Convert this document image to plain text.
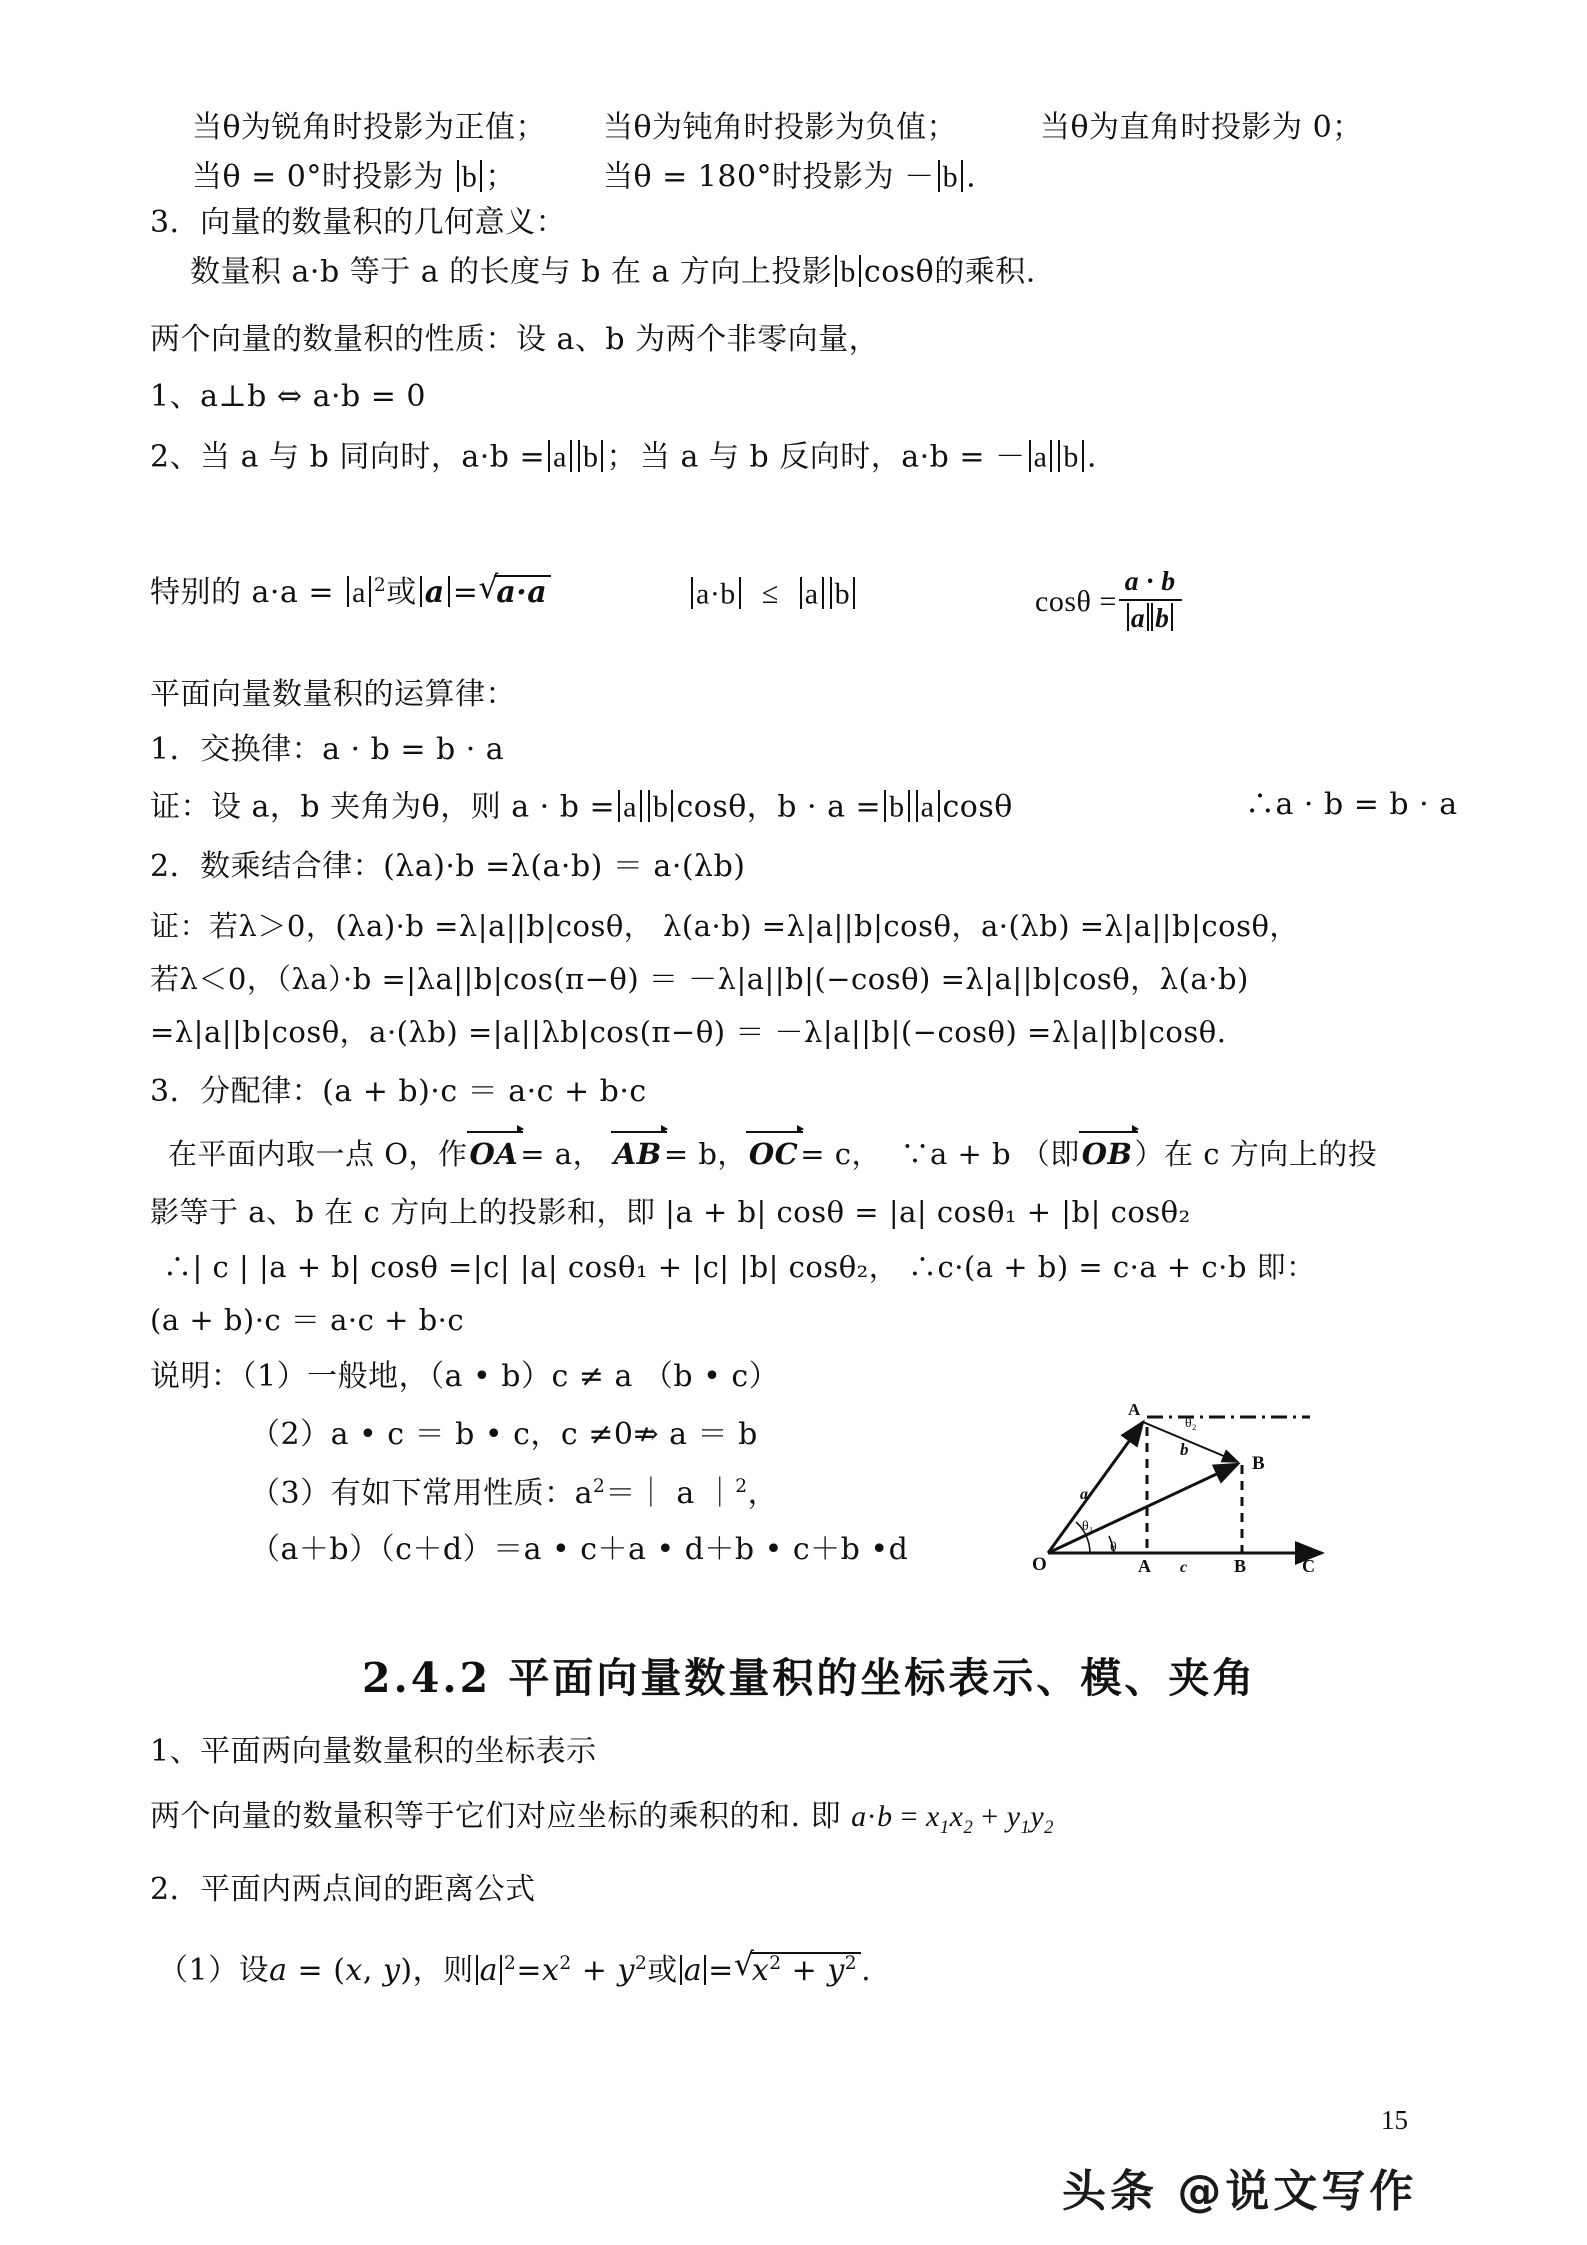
当θ为锐角时投影为正值； 当θ为钝角时投影为负值；	当θ为直角时投影为 0；
当θ = 0°时投影为 b ；	当θ = 180°时投影为 － b .
3．向量的数量积的几何意义：
数量积 a·b 等于 a 的长度与 b 在 a 方向上投影 b cosθ的乘积.
两个向量的数量积的性质：设 a、b 为两个非零向量，
1、a⊥b ⇔ a·b = 0
2、当 a 与 b 同向时，a·b = a b ； 当 a 与 b 反向时，a·b = － a b .
特别的 a·a = a $^2$或 a = √ a·a	a·b ≤ a b	$\cos\theta = \frac{a \cdot b}{\text{a b}}$
平面向量数量积的运算律：
1．交换律：a · b = b · a
证：设 a，b 夹角为θ，则 a · b = a b cosθ，b · a = b a cosθ	∴a · b = b · a
2．数乘结合律：(λa)·b =λ(a·b) ＝ a·(λb)
证：若λ＞0，(λa)·b =λ|a||b|cosθ， λ(a·b) =λ|a||b|cosθ，a·(λb) =λ|a||b|cosθ，
若λ＜0，（λa）·b =|λa||b|cos(π−θ) ＝ －λ|a||b|(−cosθ) =λ|a||b|cosθ，λ(a·b)
=λ|a||b|cosθ，a·(λb) =|a||λb|cos(π−θ) ＝ －λ|a||b|(−cosθ) =λ|a||b|cosθ.
3．分配律：(a + b)·c ＝ a·c + b·c
在平面内取一点 O，作OA= a， AB= b，OC= c， ∵a + b （即OB）在 c 方向上的投
影等于 a、b 在 c 方向上的投影和，即 |a + b| cosθ = |a| cosθ₁ + |b| cosθ₂
∴| c | |a + b| cosθ =|c| |a| cosθ₁ + |c| |b| cosθ₂， ∴c·(a + b) = c·a + c·b 即：
(a + b)·c ＝ a·c + b·c
说明：（1）一般地，（a • b）c ≠ a （b • c）
（2）a • c ＝ b • c，c ≠0⇏ a ＝ b
（3）有如下常用性质：$a^2=|$ a ｜$^2$，
（a＋b）（c＋d）＝a • c＋a • d＋b • c＋b •d
A
B
O	A	B	C
a
b
c
θ₁
θ
θ₂
2.4.2 平面向量数量积的坐标表示、模、夹角
1、平面两向量数量积的坐标表示
两个向量的数量积等于它们对应坐标的乘积的和. 即 $a\cdot b = x_1x_2 + y_1y_2$
2．平面内两点间的距离公式
（1）设a = (x, y)，则 a $^2=x^2 + y^2$或 a = √ $x^2 + y^2$ .
15
头条 @说文写作
